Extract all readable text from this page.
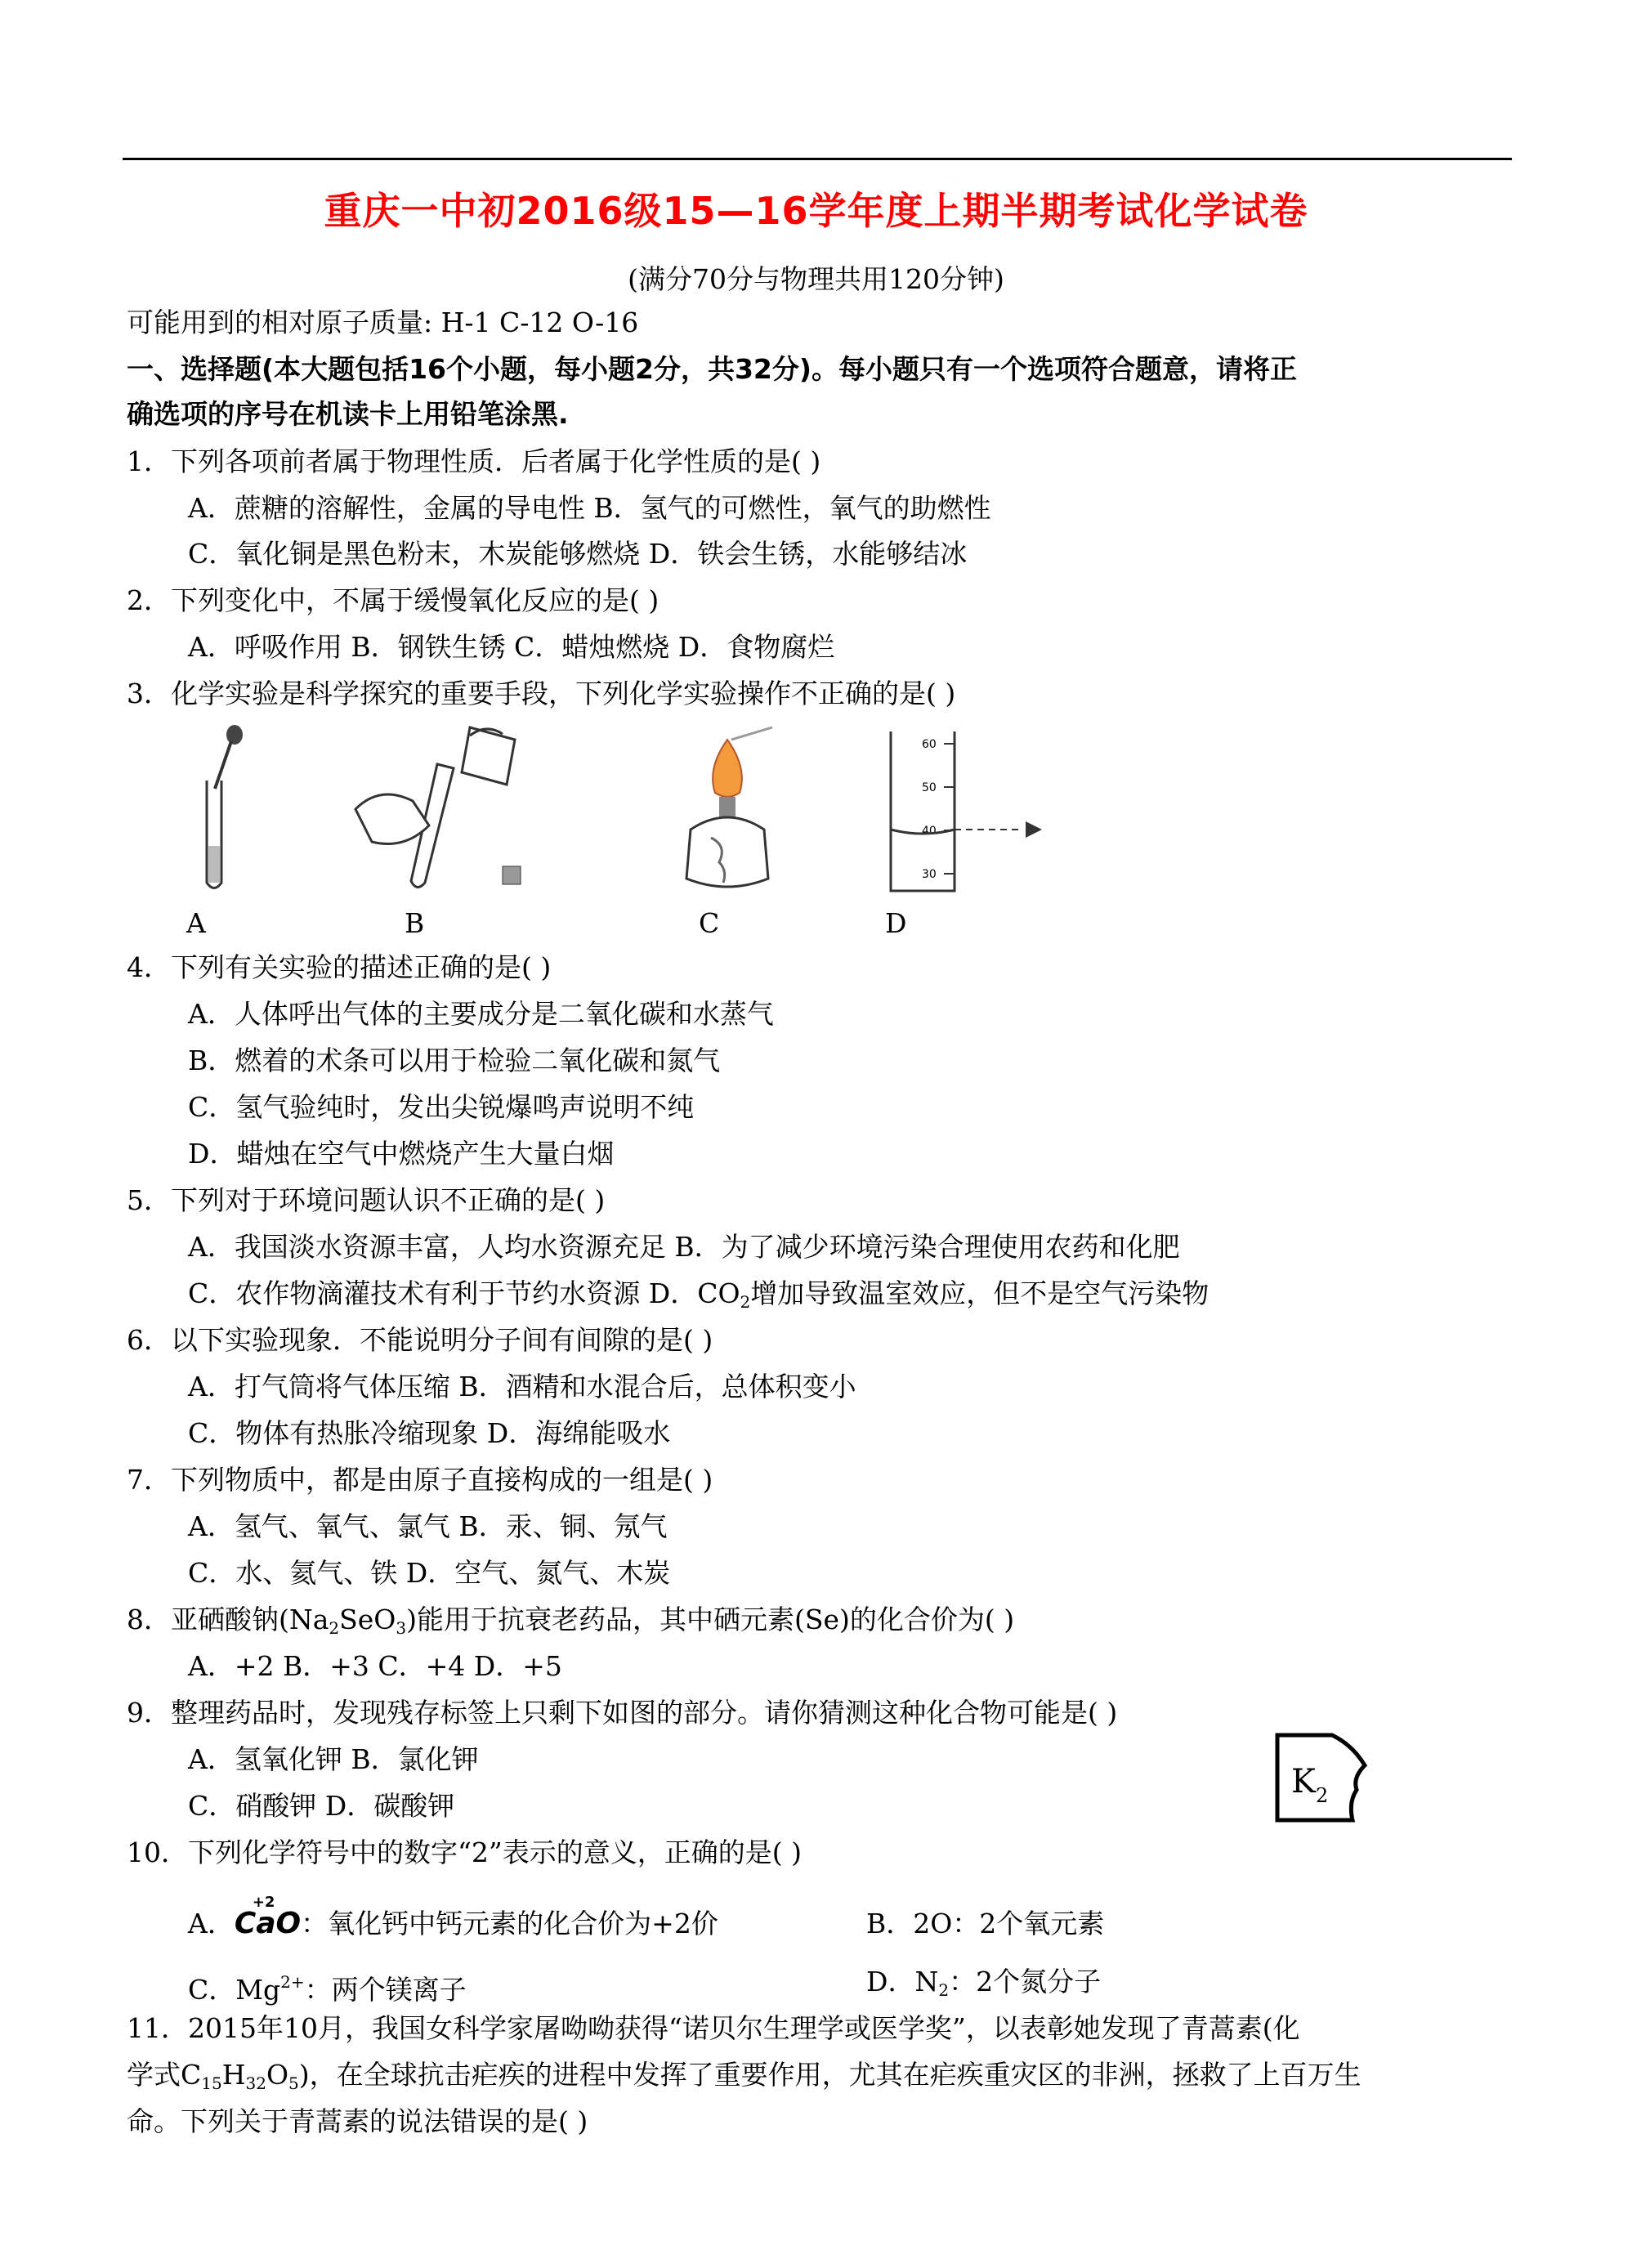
重庆一中初2016级15—16学年度上期半期考试化学试卷
(满分70分与物理共用120分钟)
可能用到的相对原子质量: H-1 C-12 O-16
一、选择题(本大题包括16个小题，每小题2分，共32分)。每小题只有一个选项符合题意，请将正
确选项的序号在机读卡上用铅笔涂黑.
1．下列各项前者属于物理性质．后者属于化学性质的是( )
A．蔗糖的溶解性，金属的导电性 B．氢气的可燃性，氧气的助燃性
C．氧化铜是黑色粉末，木炭能够燃烧 D．铁会生锈，水能够结冰
2．下列变化中，不属于缓慢氧化反应的是( )
A．呼吸作用 B．钢铁生锈 C．蜡烛燃烧 D．食物腐烂
3．化学实验是科学探究的重要手段，下列化学实验操作不正确的是( )
60
50
40
30
A	B	C	D
4．下列有关实验的描述正确的是( )
A．人体呼出气体的主要成分是二氧化碳和水蒸气
B．燃着的术条可以用于检验二氧化碳和氮气
C．氢气验纯时，发出尖锐爆鸣声说明不纯
D．蜡烛在空气中燃烧产生大量白烟
5．下列对于环境问题认识不正确的是( )
A．我国淡水资源丰富，人均水资源充足 B．为了减少环境污染合理使用农药和化肥
C．农作物滴灌技术有利于节约水资源 D．$CO_2$增加导致温室效应，但不是空气污染物
6．以下实验现象．不能说明分子间有间隙的是( )
A．打气筒将气体压缩 B．酒精和水混合后，总体积变小
C．物体有热胀冷缩现象 D．海绵能吸水
7．下列物质中，都是由原子直接构成的一组是( )
A．氢气、氧气、氯气 B．汞、铜、氖气
C．水、氦气、铁 D．空气、氮气、木炭
8．亚硒酸钠$(Na_2SeO_3)$能用于抗衰老药品，其中硒元素(Se)的化合价为( )
A．+2 B．+3 C．+4 D．+5
9．整理药品时，发现残存标签上只剩下如图的部分。请你猜测这种化合物可能是( )
A．氢氧化钾 B．氯化钾
C．硝酸钾 D．碳酸钾
K 2
10．下列化学符号中的数字“2”表示的意义，正确的是( )
A．
+2
CaO：氧化钙中钙元素的化合价为+2价	B．2O：2个氧元素
C．$Mg^{2+}$：两个镁离子	D．$N_2$：2个氮分子
11．2015年10月，我国女科学家屠呦呦获得“诺贝尔生理学或医学奖”，以表彰她发现了青蒿素(化
学式$C_{15}H_{32}O_5$)，在全球抗击疟疾的进程中发挥了重要作用，尤其在疟疾重灾区的非洲，拯救了上百万生
命。下列关于青蒿素的说法错误的是( )
